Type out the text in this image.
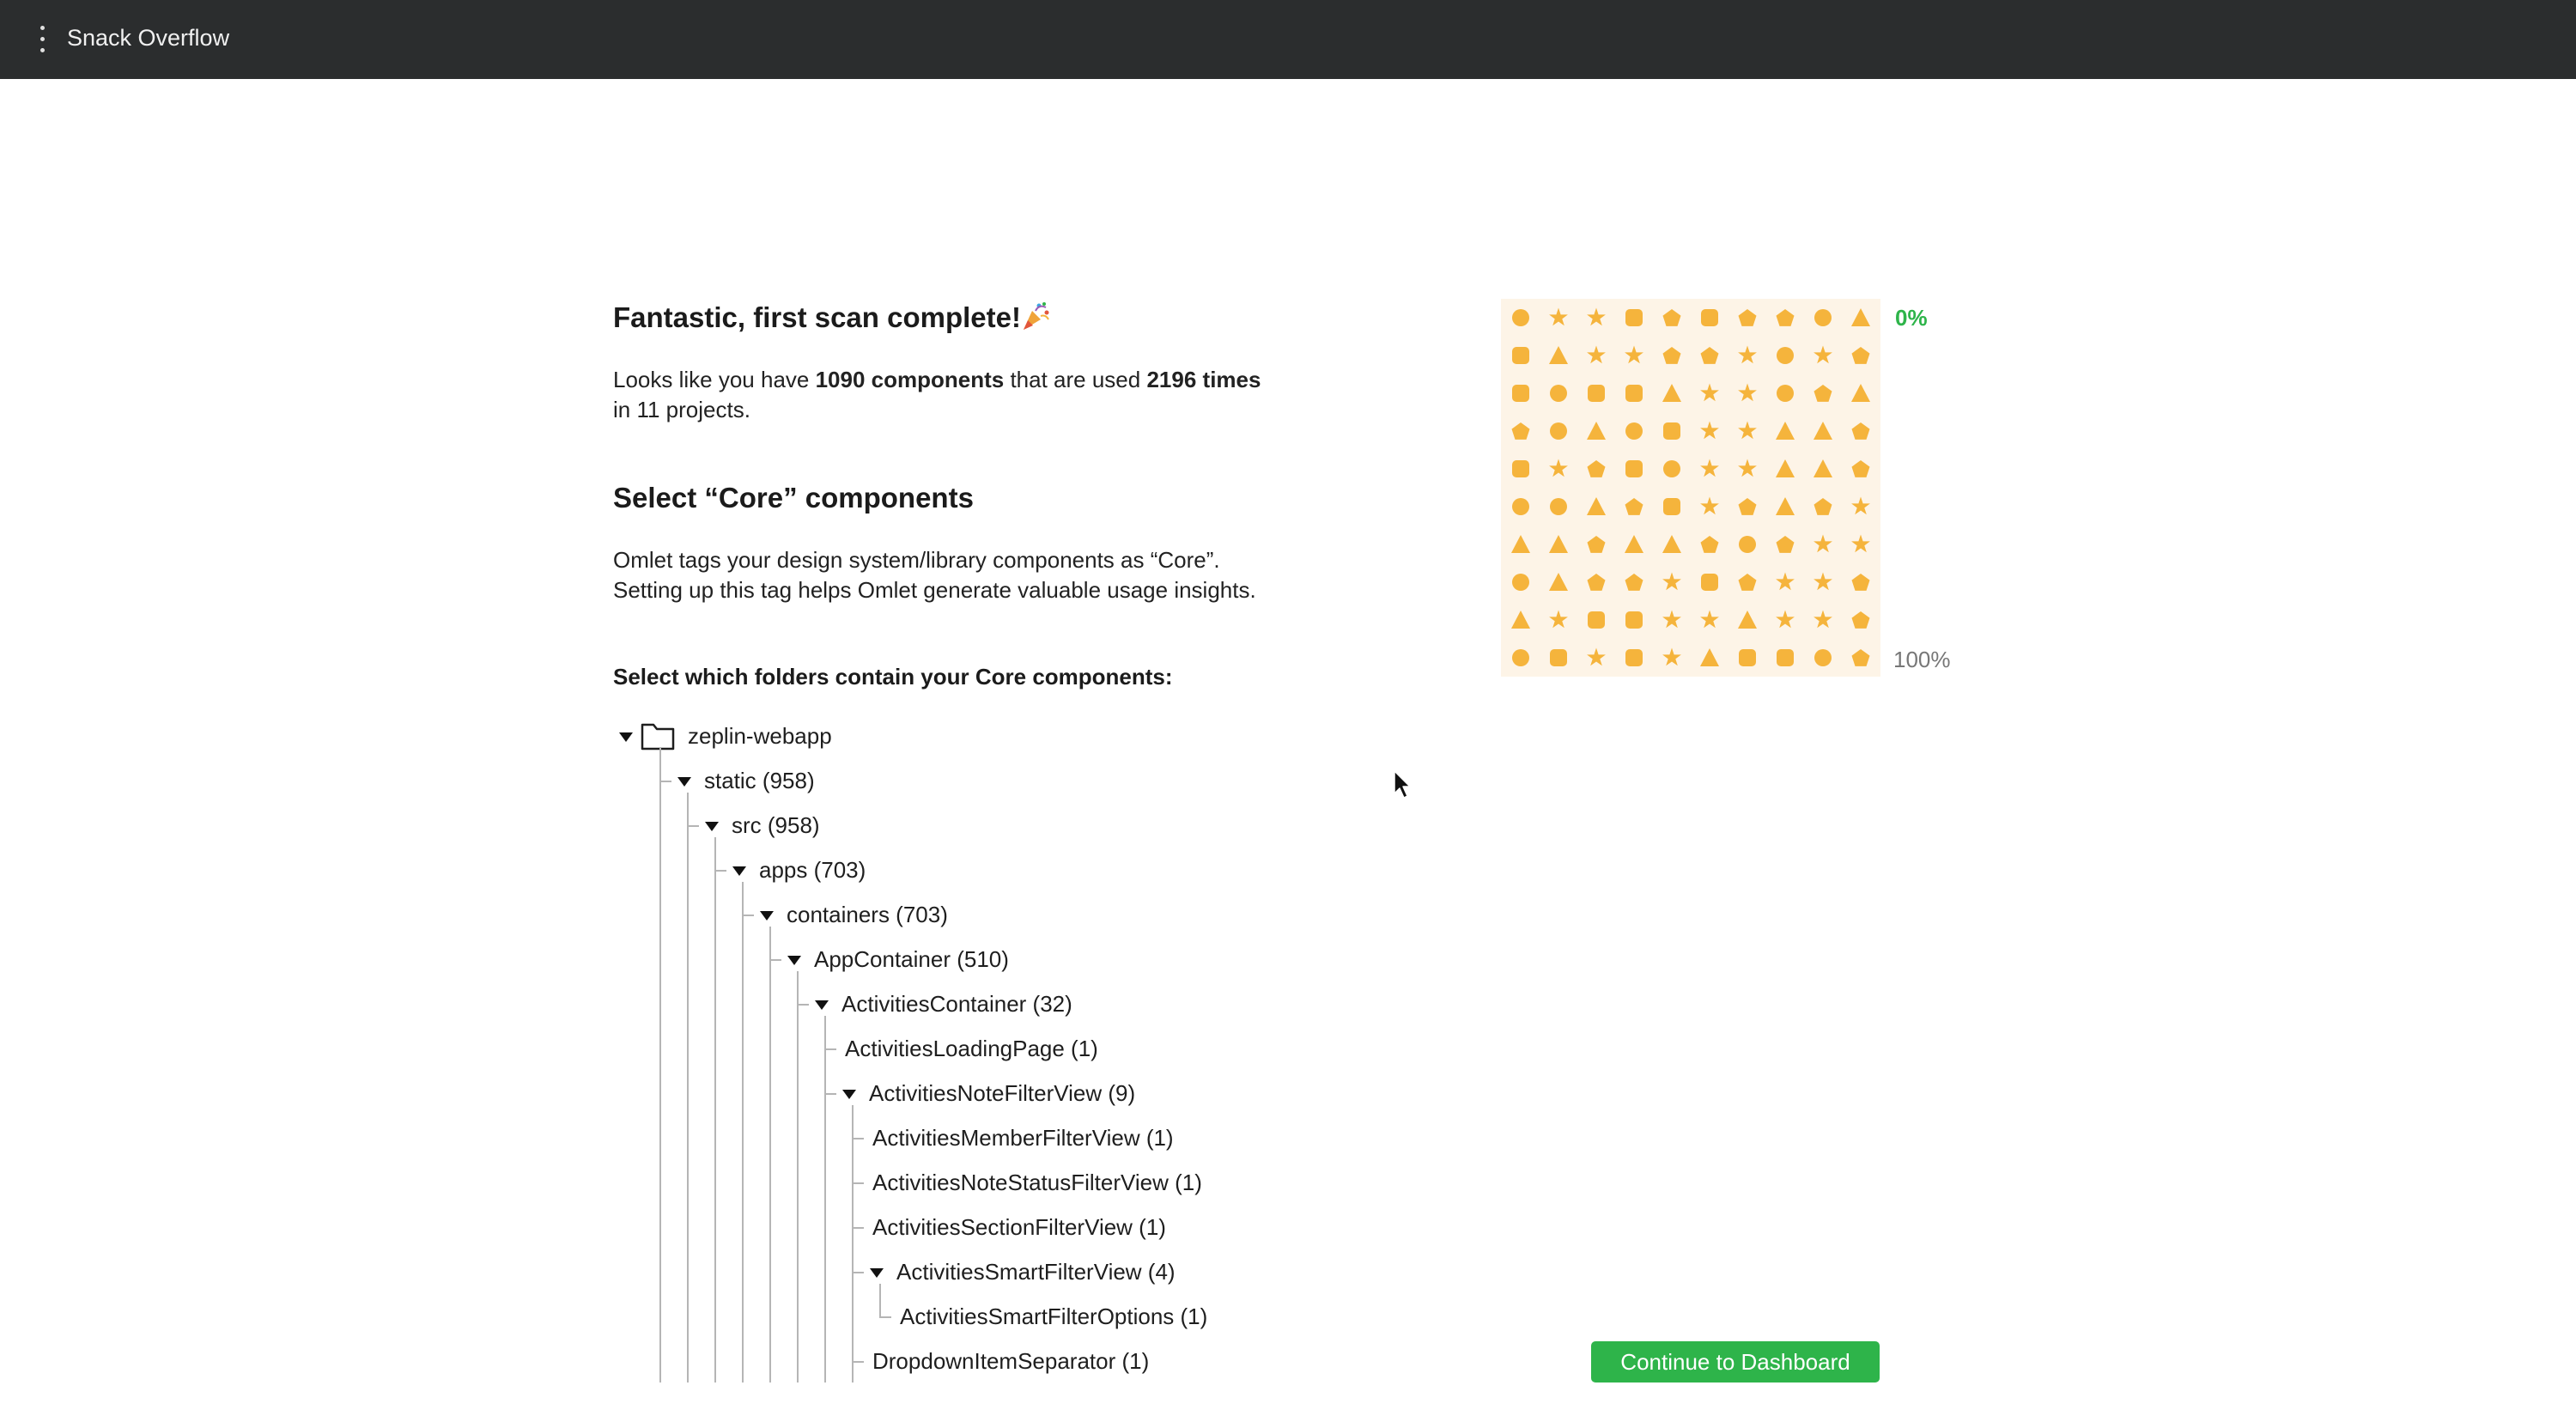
Snack Overflow
Fantastic, first scan complete!
Looks like you have 1090 components that are used 2196 times
in 11 projects.
Select “Core” components
Omlet tags your design system/library components as “Core”.
Setting up this tag helps Omlet generate valuable usage insights.
Select which folders contain your Core components:
zeplin-webapp
static (958)
src (958)
apps (703)
containers (703)
AppContainer (510)
ActivitiesContainer (32)
ActivitiesLoadingPage (1)
ActivitiesNoteFilterView (9)
ActivitiesMemberFilterView (1)
ActivitiesNoteStatusFilterView (1)
ActivitiesSectionFilterView (1)
ActivitiesSmartFilterView (4)
ActivitiesSmartFilterOptions (1)
DropdownItemSeparator (1)
0%
100%
Continue to Dashboard
